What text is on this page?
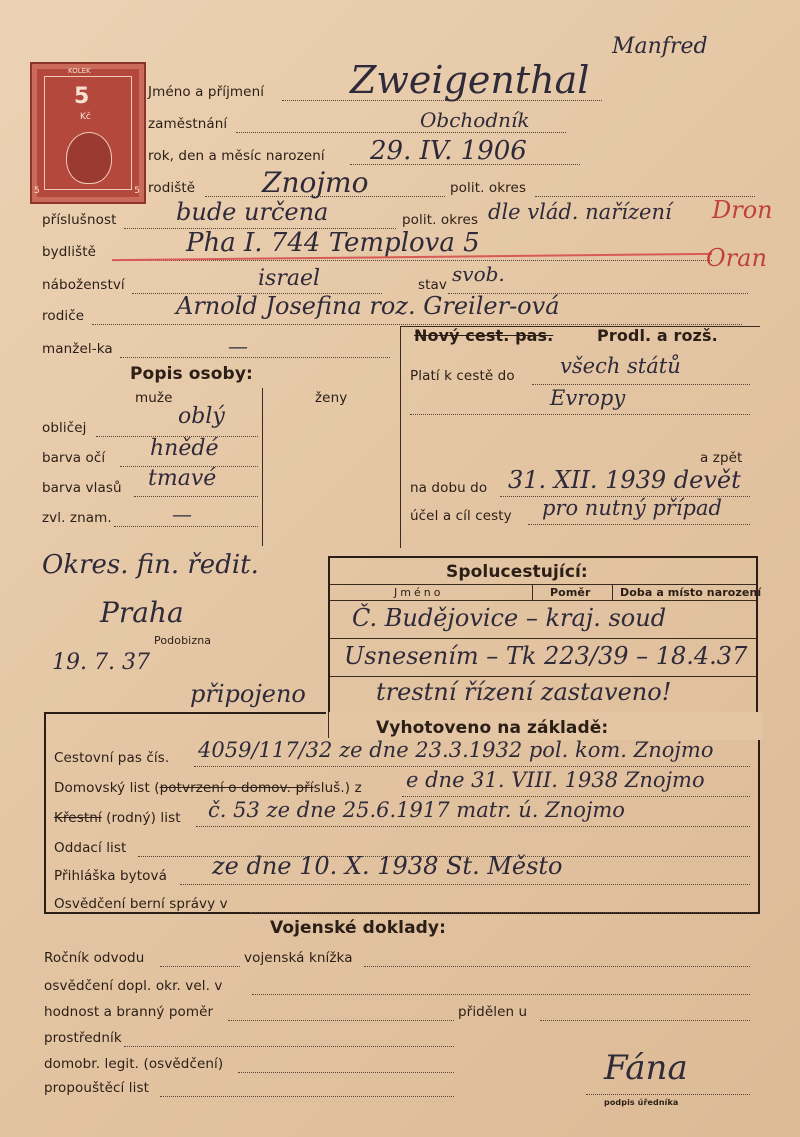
KOLEK
5
Kč
5	5
Manfred
Jméno a příjmení Zweigenthal
zaměstnání	Obchodník
rok, den a měsíc narození 29. IV. 1906
rodiště Znojmo	polit. okres
příslušnost bude určena	polit. okres dle vlád. nařízení Dron
bydliště	Pha I. 744 Templova 5	Oran
náboženství	israel	stav svob.
rodiče	Arnold Josefina roz. Greiler-ová
manžel-ka	—
Popis osoby:
muže	ženy
obličej	oblý
barva očí hnědé
barva vlasů tmavé
zvl. znam.	—
Nový cest. pas.	Prodl. a rozš.
Platí k cestě do všech států
Evropy
a zpět
na dobu do 31. XII. 1939 devět
účel a cíl cesty pro nutný případ
Okres. fin. ředit.
Praha
Podobizna
19. 7. 37
připojeno
Spolucestující:
Jméno	Poměr	Doba a místo narození
Č. Budějovice – kraj. soud
Usnesením – Tk 223/39 – 18.4.37
trestní řízení zastaveno!
Vyhotoveno na základě:
Cestovní pas čís. 4059/117/32 ze dne 23.3.1932 pol. kom. Znojmo
Domovský list (potvrzení o domov. přísluš.) z e dne 31. VIII. 1938 Znojmo
Křestní (rodný) list č. 53 ze dne 25.6.1917 matr. ú. Znojmo
Oddací list
Přihláška bytová ze dne 10. X. 1938 St. Město
Osvědčení berní správy v
Vojenské doklady:
Ročník odvodu	vojenská knížka
osvědčení dopl. okr. vel. v
hodnost a branný poměr	přidělen u
prostředník
domobr. legit. (osvědčení)
propouštěcí list	Fána
podpis úředníka
